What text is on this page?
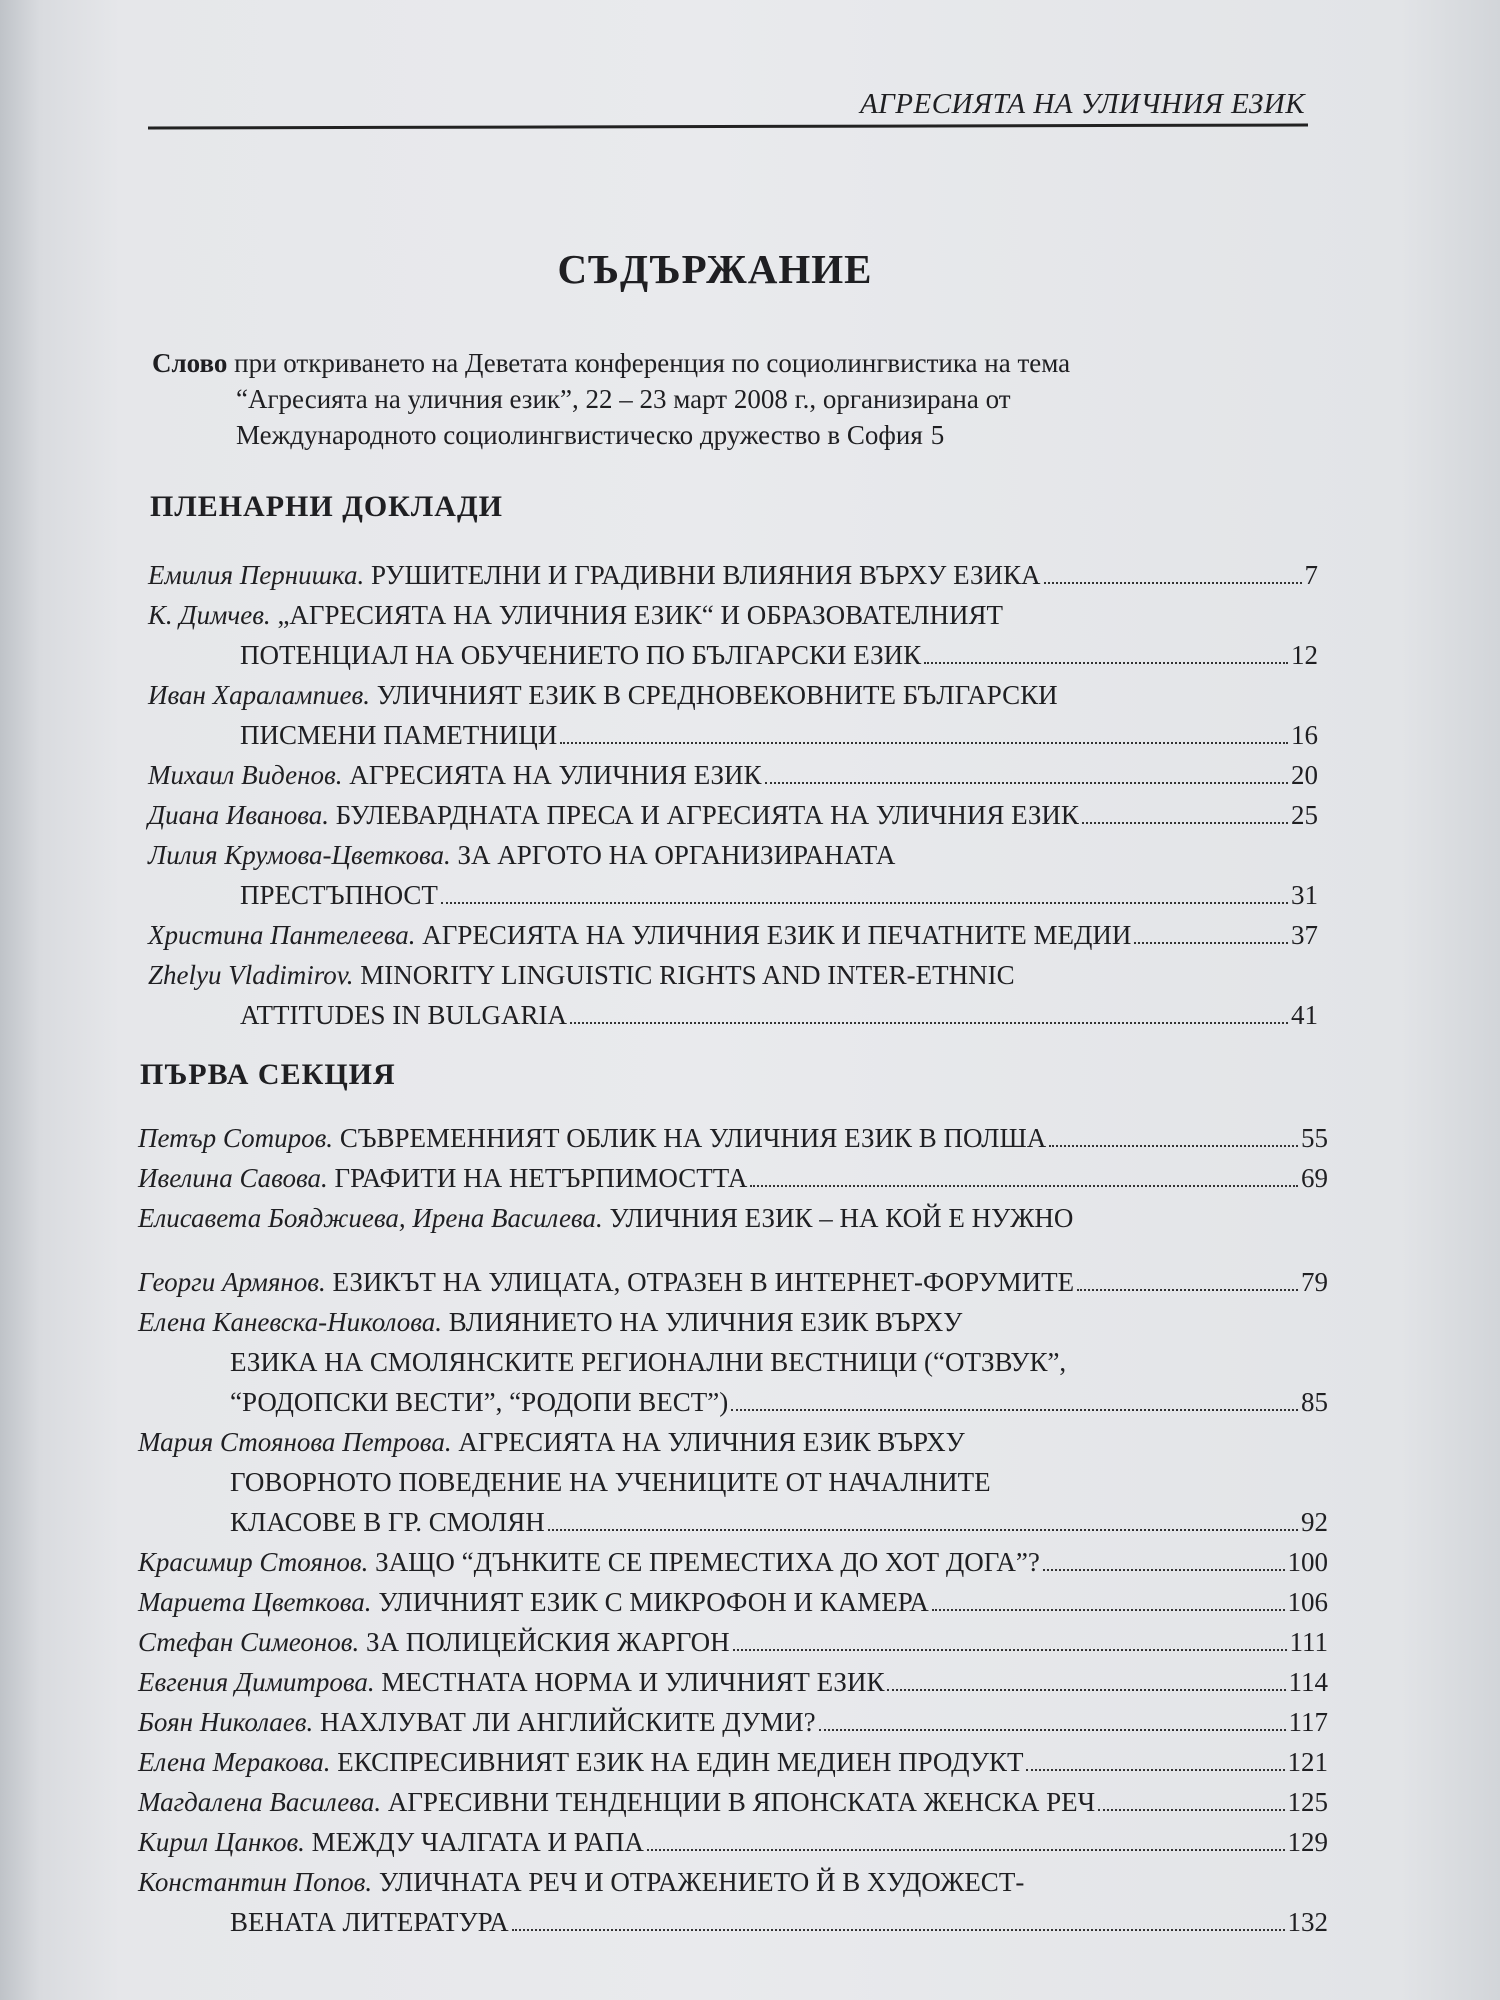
АГРЕСИЯТА НА УЛИЧНИЯ ЕЗИК
СЪДЪРЖАНИЕ
Слово при откриването на Деветата конференция по социолингвистика на тема
“Агресията на уличния език”, 22 – 23 март 2008 г., организирана от
Международното социолингвистическо дружество в София 5
ПЛЕНАРНИ ДОКЛАДИ
Емилия Пернишка.
РУШИТЕЛНИ И ГРАДИВНИ ВЛИЯНИЯ ВЪРХУ ЕЗИКА	7
К. Димчев.
„АГРЕСИЯТА НА УЛИЧНИЯ ЕЗИК“ И ОБРАЗОВАТЕЛНИЯТ
ПОТЕНЦИАЛ НА ОБУЧЕНИЕТО ПО БЪЛГАРСКИ ЕЗИК	12
Иван Харалампиев.
УЛИЧНИЯТ ЕЗИК В СРЕДНОВЕКОВНИТЕ БЪЛГАРСКИ
ПИСМЕНИ ПАМЕТНИЦИ	16
Михаил Виденов.
АГРЕСИЯТА НА УЛИЧНИЯ ЕЗИК	20
Диана Иванова.
БУЛЕВАРДНАТА ПРЕСА И АГРЕСИЯТА НА УЛИЧНИЯ ЕЗИК	25
Лилия Крумова-Цветкова.
ЗА АРГОТО НА ОРГАНИЗИРАНАТА
ПРЕСТЪПНОСТ	31
Христина Пантелеева.
АГРЕСИЯТА НА УЛИЧНИЯ ЕЗИК И ПЕЧАТНИТЕ МЕДИИ	37
Zhelyu Vladimirov.
MINORITY LINGUISTIC RIGHTS AND INTER-ETHNIC
ATTITUDES IN BULGARIA	41
ПЪРВА СЕКЦИЯ
Петър Сотиров.
СЪВРЕМЕННИЯТ ОБЛИК НА УЛИЧНИЯ ЕЗИК В ПОЛША	55
Ивелина Савова.
ГРАФИТИ НА НЕТЪРПИМОСТТА	69
Елисавета Бояджиева, Ирена Василева.
УЛИЧНИЯ ЕЗИК – НА КОЙ Е НУЖНО
Георги Армянов.
ЕЗИКЪТ НА УЛИЦАТА, ОТРАЗЕН В ИНТЕРНЕТ-ФОРУМИТЕ	79
Елена Каневска-Николова.
ВЛИЯНИЕТО НА УЛИЧНИЯ ЕЗИК ВЪРХУ
ЕЗИКА НА СМОЛЯНСКИТЕ РЕГИОНАЛНИ ВЕСТНИЦИ (“ОТЗВУК”,
“РОДОПСКИ ВЕСТИ”, “РОДОПИ ВЕСТ”)	85
Мария Стоянова Петрова.
АГРЕСИЯТА НА УЛИЧНИЯ ЕЗИК ВЪРХУ
ГОВОРНОТО ПОВЕДЕНИЕ НА УЧЕНИЦИТЕ ОТ НАЧАЛНИТЕ
КЛАСОВЕ В ГР. СМОЛЯН	92
Красимир Стоянов.
ЗАЩО “ДЪНКИТЕ СЕ ПРЕМЕСТИХА ДО ХОТ ДОГА”?	100
Мариета Цветкова.
УЛИЧНИЯТ ЕЗИК С МИКРОФОН И КАМЕРА	106
Стефан Симеонов.
ЗА ПОЛИЦЕЙСКИЯ ЖАРГОН	111
Евгения Димитрова.
МЕСТНАТА НОРМА И УЛИЧНИЯТ ЕЗИК	114
Боян Николаев.
НАХЛУВАТ ЛИ АНГЛИЙСКИТЕ ДУМИ?	117
Елена Меракова.
ЕКСПРЕСИВНИЯТ ЕЗИК НА ЕДИН МЕДИЕН ПРОДУКТ	121
Магдалена Василева.
АГРЕСИВНИ ТЕНДЕНЦИИ В ЯПОНСКАТА ЖЕНСКА РЕЧ	125
Кирил Цанков.
МЕЖДУ ЧАЛГАТА И РАПА	129
Константин Попов.
УЛИЧНАТА РЕЧ И ОТРАЖЕНИЕТО Й В ХУДОЖЕСТ-
ВЕНАТА ЛИТЕРАТУРА	132
